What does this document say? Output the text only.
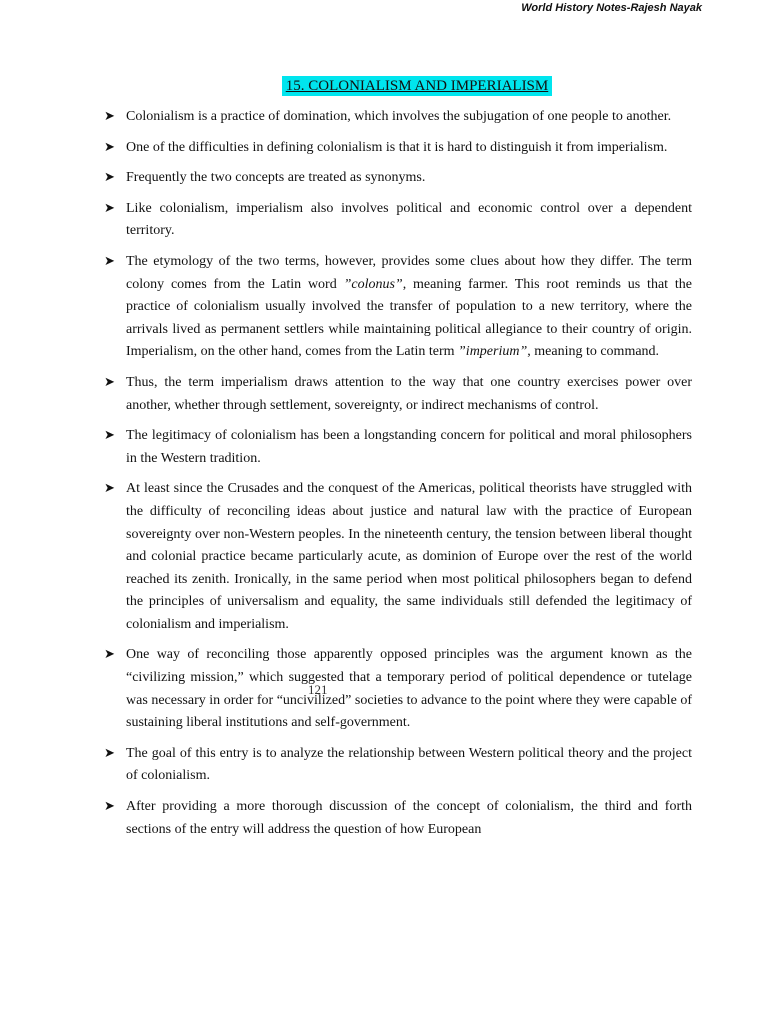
World History Notes-Rajesh Nayak
15. COLONIALISM AND IMPERIALISM
➤ Colonialism is a practice of domination, which involves the subjugation of one people to another.
➤ One of the difficulties in defining colonialism is that it is hard to distinguish it from imperialism.
➤ Frequently the two concepts are treated as synonyms.
➤ Like colonialism, imperialism also involves political and economic control over a dependent territory.
➤ The etymology of the two terms, however, provides some clues about how they differ. The term colony comes from the Latin word ”colonus”, meaning farmer. This root reminds us that the practice of colonialism usually involved the transfer of population to a new territory, where the arrivals lived as permanent settlers while maintaining political allegiance to their country of origin. Imperialism, on the other hand, comes from the Latin term ”imperium”, meaning to command.
➤ Thus, the term imperialism draws attention to the way that one country exercises power over another, whether through settlement, sovereignty, or indirect mechanisms of control.
➤ The legitimacy of colonialism has been a longstanding concern for political and moral philosophers in the Western tradition.
➤ At least since the Crusades and the conquest of the Americas, political theorists have struggled with the difficulty of reconciling ideas about justice and natural law with the practice of European sovereignty over non-Western peoples. In the nineteenth century, the tension between liberal thought and colonial practice became particularly acute, as dominion of Europe over the rest of the world reached its zenith. Ironically, in the same period when most political philosophers began to defend the principles of universalism and equality, the same individuals still defended the legitimacy of colonialism and imperialism.
➤ One way of reconciling those apparently opposed principles was the argument known as the “civilizing mission,” which suggested that a temporary period of political dependence or tutelage was necessary in order for “uncivilized” societies to advance to the point where they were capable of sustaining liberal institutions and self-government.
➤ The goal of this entry is to analyze the relationship between Western political theory and the project of colonialism.
➤ After providing a more thorough discussion of the concept of colonialism, the third and forth sections of the entry will address the question of how European
121
